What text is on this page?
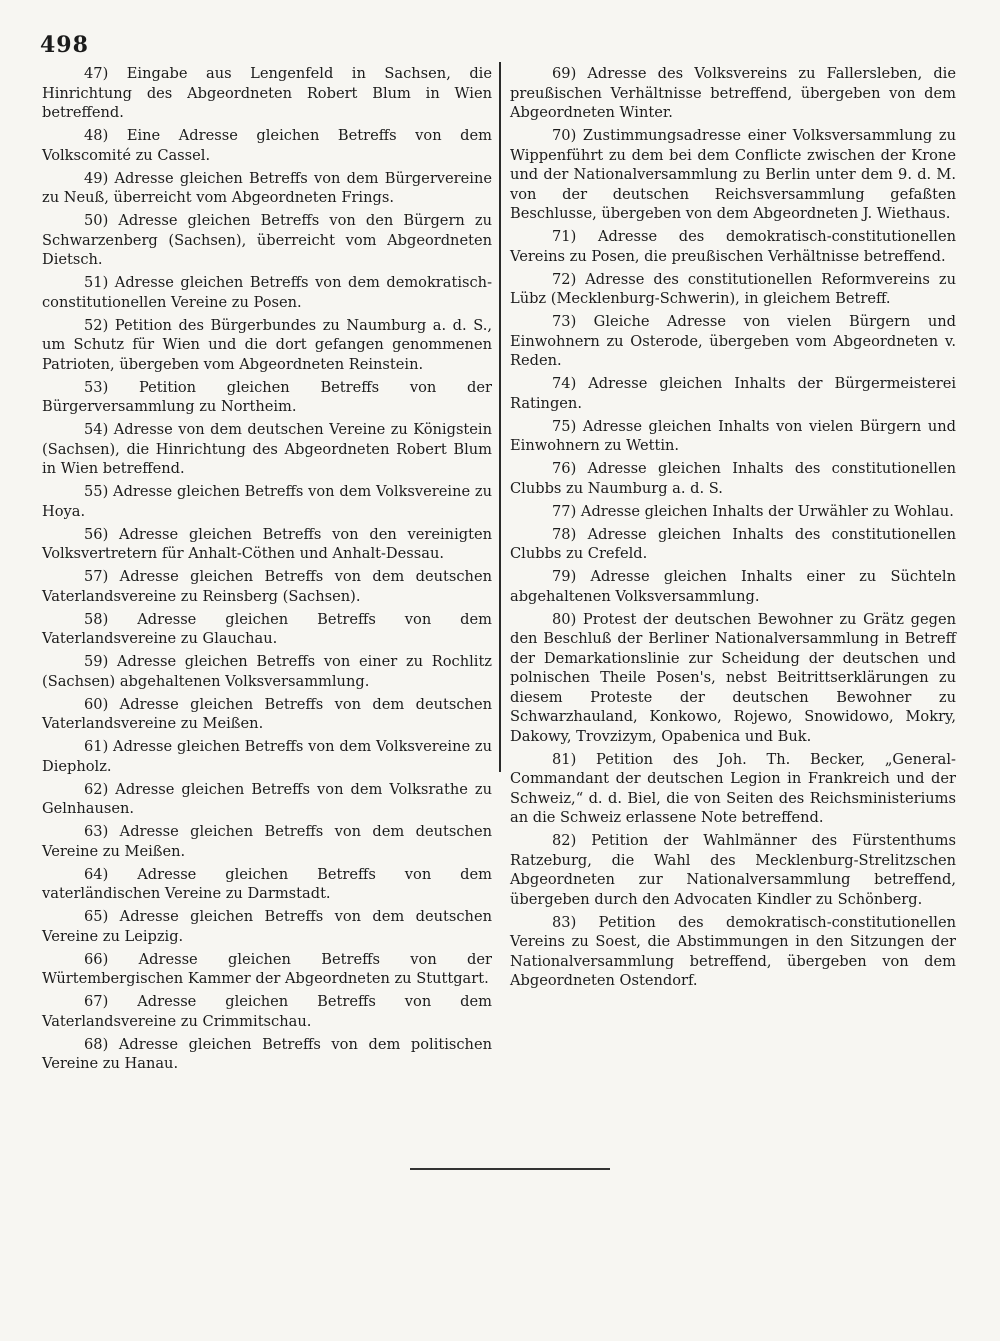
498

47) Eingabe aus Lengenfeld in Sachsen, die Hinrichtung des Abgeordneten Robert Blum in Wien betreffend.

48) Eine Adresse gleichen Betreffs von dem Volkscomité zu Cassel.

49) Adresse gleichen Betreffs von dem Bürgervereine zu Neuß, überreicht vom Abgeordneten Frings.

50) Adresse gleichen Betreffs von den Bürgern zu Schwarzenberg (Sachsen), überreicht vom Abgeordneten Dietsch.

51) Adresse gleichen Betreffs von dem demokratisch-constitutionellen Vereine zu Posen.

52) Petition des Bürgerbundes zu Naumburg a. d. S., um Schutz für Wien und die dort gefangen genommenen Patrioten, übergeben vom Abgeordneten Reinstein.

53) Petition gleichen Betreffs von der Bürgerversammlung zu Northeim.

54) Adresse von dem deutschen Vereine zu Königstein (Sachsen), die Hinrichtung des Abgeordneten Robert Blum in Wien betreffend.

55) Adresse gleichen Betreffs von dem Volksvereine zu Hoya.

56) Adresse gleichen Betreffs von den vereinigten Volksvertretern für Anhalt-Cöthen und Anhalt-Dessau.

57) Adresse gleichen Betreffs von dem deutschen Vaterlandsvereine zu Reinsberg (Sachsen).

58) Adresse gleichen Betreffs von dem Vaterlandsvereine zu Glauchau.

59) Adresse gleichen Betreffs von einer zu Rochlitz (Sachsen) abgehaltenen Volksversammlung.

60) Adresse gleichen Betreffs von dem deutschen Vaterlandsvereine zu Meißen.

61) Adresse gleichen Betreffs von dem Volksvereine zu Diepholz.

62) Adresse gleichen Betreffs von dem Volksrathe zu Gelnhausen.

63) Adresse gleichen Betreffs von dem deutschen Vereine zu Meißen.

64) Adresse gleichen Betreffs von dem vaterländischen Vereine zu Darmstadt.

65) Adresse gleichen Betreffs von dem deutschen Vereine zu Leipzig.

66) Adresse gleichen Betreffs von der Würtembergischen Kammer der Abgeordneten zu Stuttgart.

67) Adresse gleichen Betreffs von dem Vaterlandsvereine zu Crimmitschau.

68) Adresse gleichen Betreffs von dem politischen Vereine zu Hanau.

69) Adresse des Volksvereins zu Fallersleben, die preußischen Verhältnisse betreffend, übergeben von dem Abgeordneten Winter.

70) Zustimmungsadresse einer Volksversammlung zu Wippenführt zu dem bei dem Conflicte zwischen der Krone und der Nationalversammlung zu Berlin unter dem 9. d. M. von der deutschen Reichsversammlung gefaßten Beschlusse, übergeben von dem Abgeordneten J. Wiethaus.

71) Adresse des demokratisch-constitutionellen Vereins zu Posen, die preußischen Verhältnisse betreffend.

72) Adresse des constitutionellen Reformvereins zu Lübz (Mecklenburg-Schwerin), in gleichem Betreff.

73) Gleiche Adresse von vielen Bürgern und Einwohnern zu Osterode, übergeben vom Abgeordneten v. Reden.

74) Adresse gleichen Inhalts der Bürgermeisterei Ratingen.

75) Adresse gleichen Inhalts von vielen Bürgern und Einwohnern zu Wettin.

76) Adresse gleichen Inhalts des constitutionellen Clubbs zu Naumburg a. d. S.

77) Adresse gleichen Inhalts der Urwähler zu Wohlau.

78) Adresse gleichen Inhalts des constitutionellen Clubbs zu Crefeld.

79) Adresse gleichen Inhalts einer zu Süchteln abgehaltenen Volksversammlung.

80) Protest der deutschen Bewohner zu Grätz gegen den Beschluß der Berliner Nationalversammlung in Betreff der Demarkationslinie zur Scheidung der deutschen und polnischen Theile Posen's, nebst Beitrittserklärungen zu diesem Proteste der deutschen Bewohner zu Schwarzhauland, Konkowo, Rojewo, Snowidowo, Mokry, Dakowy, Trovzizym, Opabenica und Buk.

81) Petition des Joh. Th. Becker, „General-Commandant der deutschen Legion in Frankreich und der Schweiz,“ d. d. Biel, die von Seiten des Reichsministeriums an die Schweiz erlassene Note betreffend.

82) Petition der Wahlmänner des Fürstenthums Ratzeburg, die Wahl des Mecklenburg-Strelitzschen Abgeordneten zur Nationalversammlung betreffend, übergeben durch den Advocaten Kindler zu Schönberg.

83) Petition des demokratisch-constitutionellen Vereins zu Soest, die Abstimmungen in den Sitzungen der Nationalversammlung betreffend, übergeben von dem Abgeordneten Ostendorf.
